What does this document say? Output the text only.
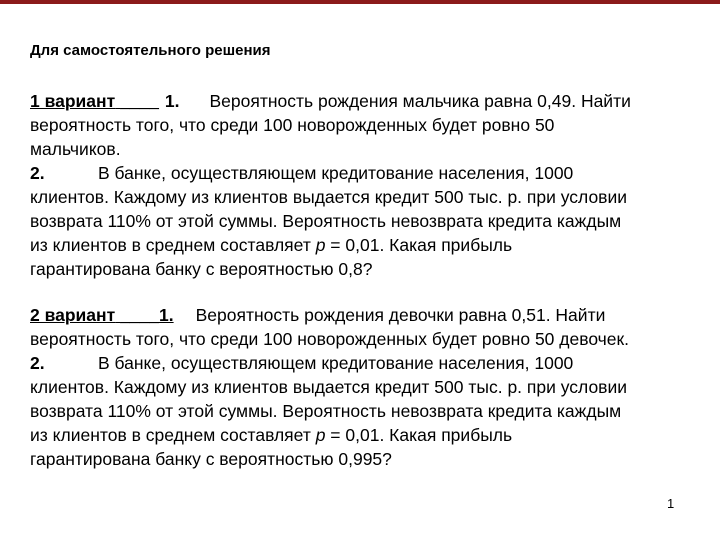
Для самостоятельного решения
1 вариант ____ 1. Вероятность рождения мальчика равна 0,49. Найти
вероятность того, что среди 100 новорожденных будет ровно 50
мальчиков.
2.	В банке, осуществляющем кредитование населения, 1000
клиентов. Каждому из клиентов выдается кредит 500 тыс. р. при условии
возврата 110% от этой суммы. Вероятность невозврата кредита каждым
из клиентов в среднем составляет p = 0,01. Какая прибыль
гарантирована банку с вероятностью 0,8?
2 вариант ____1. Вероятность рождения девочки равна 0,51. Найти
вероятность того, что среди 100 новорожденных будет ровно 50 девочек.
2.	В банке, осуществляющем кредитование населения, 1000
клиентов. Каждому из клиентов выдается кредит 500 тыс. р. при условии
возврата 110% от этой суммы. Вероятность невозврата кредита каждым
из клиентов в среднем составляет p = 0,01. Какая прибыль
гарантирована банку с вероятностью 0,995?
1
